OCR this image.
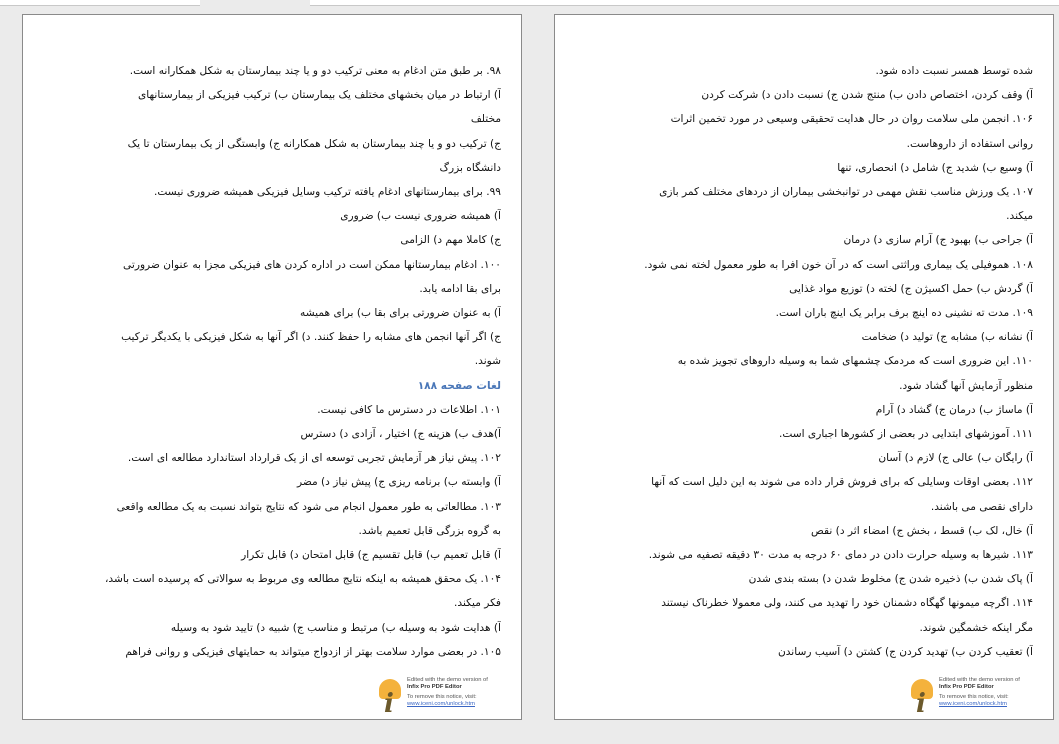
۹۸. بر طبق متن ادغام به معنی ترکیب دو و یا چند بیمارستان به شکل همکارانه است.
آ) ارتباط در میان بخشهای مختلف یک بیمارستان ب) ترکیب فیزیکی از بیمارستانهای
مختلف
ج) ترکیب دو و یا چند بیمارستان به شکل همکارانه ج) وابستگی از یک بیمارستان تا یک
دانشگاه بزرگ
۹۹. برای بیمارستانهای ادغام یافته ترکیب وسایل فیزیکی همیشه ضروری نیست.
آ) همیشه ضروری نیست ب) ضروری
ج) کاملا مهم د) الزامی
۱۰۰. ادغام بیمارستانها ممکن است در اداره کردن های فیزیکی مجزا به عنوان ضرورتی
برای بقا ادامه یابد.
آ) به عنوان ضرورتی برای بقا ب) برای همیشه
ج) اگر آنها انجمن های مشابه را حفظ کنند. د) اگر آنها به شکل فیزیکی با یکدیگر ترکیب
شوند.
لغات صفحه ۱۸۸
۱۰۱. اطلاعات در دسترس ما کافی نیست.
آ)هدف ب) هزینه ج) اختیار ، آزادی د) دسترس
۱۰۲. پیش نیاز هر آزمایش تجربی توسعه ای از یک قرارداد استاندارد مطالعه ای است.
آ) وابسته ب) برنامه ریزی ج) پیش نیاز د) مضر
۱۰۳. مطالعاتی به طور معمول انجام می شود که نتایج بتواند نسبت به یک مطالعه واقعی
به گروه بزرگی قابل تعمیم باشد.
آ) قابل تعمیم ب) قابل تقسیم ج) قابل امتحان د) قابل تکرار
۱۰۴. یک محقق همیشه به اینکه نتایج مطالعه وی مربوط به سوالاتی که پرسیده است باشد،
فکر میکند.
آ) هدایت شود به وسیله ب) مرتبط و مناسب ج) شبیه د) تایید شود به وسیله
۱۰۵. در بعضی موارد سلامت بهتر از ازدواج میتواند به حمایتهای فیزیکی و روانی فراهم
i
Edited with the demo version of
Infix Pro PDF Editor
To remove this notice, visit:
www.iceni.com/unlock.htm
شده توسط همسر نسبت داده شود.
آ) وقف کردن، اختصاص دادن ب) منتج شدن ج) نسبت دادن د) شرکت کردن
۱۰۶. انجمن ملی سلامت روان در حال هدایت تحقیقی وسیعی در مورد تخمین اثرات
روانی استفاده از داروهاست.
آ) وسیع ب) شدید ج) شامل د) انحصاری، تنها
۱۰۷. یک ورزش مناسب نقش مهمی در توانبخشی بیماران از دردهای مختلف کمر بازی
میکند.
آ) جراحی ب) بهبود ج) آرام سازی د) درمان
۱۰۸. هموفیلی یک بیماری وراثتی است که در آن خون افرا به طور معمول لخته نمی شود.
آ) گردش ب) حمل اکسیژن ج) لخته د) توزیع مواد غذایی
۱۰۹. مدت ته نشینی ده اینچ برف برابر یک اینچ باران است.
آ) نشانه ب) مشابه ج) تولید د) ضخامت
۱۱۰. این ضروری است که مردمک چشمهای شما به وسیله داروهای تجویز شده به
منظور آزمایش آنها گشاد شود.
آ) ماساژ ب) درمان ج) گشاد د) آرام
۱۱۱. آموزشهای ابتدایی در بعضی از کشورها اجباری است.
آ) رایگان ب) عالی ج) لازم د) آسان
۱۱۲. بعضی اوقات وسایلی که برای فروش قرار داده می شوند به این دلیل است که آنها
دارای نقصی می باشند.
آ) خال، لک ب) قسط ، بخش ج) امضاء اثر د) نقص
۱۱۳. شیرها به وسیله حرارت دادن در دمای ۶۰ درجه به مدت ۳۰ دقیقه تصفیه می شوند.
آ) پاک شدن ب) ذخیره شدن ج) مخلوط شدن د) بسته بندی شدن
۱۱۴. اگرچه میمونها گهگاه دشمنان خود را تهدید می کنند، ولی معمولا خطرناک نیستند
مگر اینکه خشمگین شوند.
آ) تعقیب کردن ب) تهدید کردن ج) کشتن د) آسیب رساندن
i
Edited with the demo version of
Infix Pro PDF Editor
To remove this notice, visit:
www.iceni.com/unlock.htm
